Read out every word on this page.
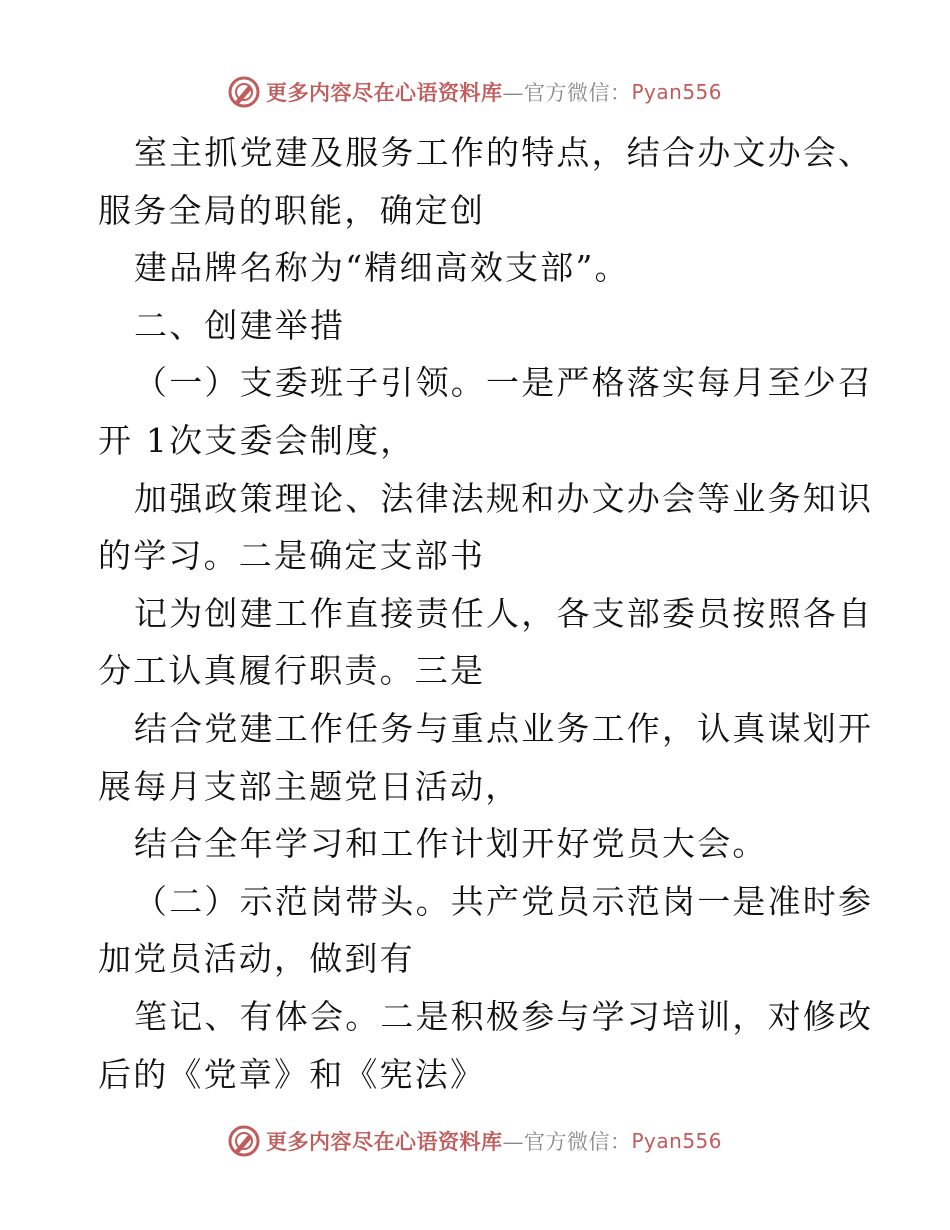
更多内容尽在心语资料库 —官方微信： Pyan556

室主抓党建及服务工作的特点，结合办文办会、
服务全局的职能，确定创

建品牌名称为“精细高效支部”。

二、创建举措

（一）支委班子引领。一是严格落实每月至少召
开 1次支委会制度，

加强政策理论、法律法规和办文办会等业务知识
的学习。二是确定支部书

记为创建工作直接责任人，各支部委员按照各自
分工认真履行职责。三是

结合党建工作任务与重点业务工作，认真谋划开
展每月支部主题党日活动，

结合全年学习和工作计划开好党员大会。

（二）示范岗带头。共产党员示范岗一是准时参
加党员活动，做到有

笔记、有体会。二是积极参与学习培训，对修改
后的《党章》和《宪法》

更多内容尽在心语资料库 —官方微信： Pyan556
